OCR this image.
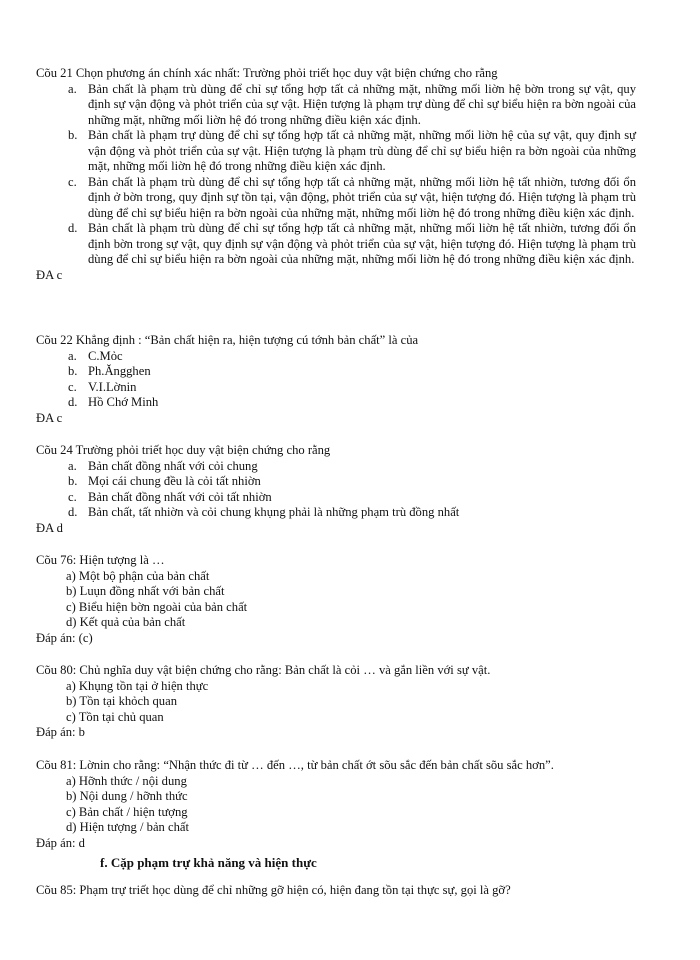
Cõu 21 Chọn phương án chính xác nhất: Trường phỏi triết học duy vật biện chứng cho rằng
a. Bản chất là phạm trù dùng để chỉ sự tổng hợp tất cả những mặt, những mối liờn hệ bờn trong sự vật, quy định sự vận động và phỏt triển của sự vật. Hiện tượng là phạm trự dùng để chỉ sự biểu hiện ra bờn ngoài của những mặt, những mối liờn hệ đó trong những điều kiện xác định.
b. Bản chất là phạm trự dùng để chỉ sự tổng hợp tất cả những mặt, những mối liờn hệ của sự vật, quy định sự vận động và phỏt triển của sự vật. Hiện tượng là phạm trù dùng để chỉ sự biểu hiện ra bờn ngoài của những mặt, những mối liờn hệ đó trong những điều kiện xác định.
c. Bản chất là phạm trù dùng để chỉ sự tổng hợp tất cả những mặt, những mối liờn hệ tất nhiờn, tương đối ổn định ở bờn trong, quy định sự tồn tại, vận động, phỏt triển của sự vật, hiện tượng đó. Hiện tượng là phạm trù dùng để chỉ sự biểu hiện ra bờn ngoài của những mặt, những mối liờn hệ đó trong những điều kiện xác định.
d. Bản chất là phạm trù dùng để chỉ sự tổng hợp tất cả những mặt, những mối liờn hệ tất nhiờn, tương đối ổn định bờn trong sự vật, quy định sự vận động và phỏt triển của sự vật, hiện tượng đó. Hiện tượng là phạm trù dùng để chỉ sự biểu hiện ra bờn ngoài của những mặt, những mối liờn hệ đó trong những điều kiện xác định.
ĐA c
Cõu 22 Khẳng định : “Bản chất hiện ra, hiện tượng cú tớnh bản chất” là của
a. C.Mỏc
b. Ph.Ăngghen
c. V.I.Lờnin
d. Hồ Chớ Minh
ĐA c
Cõu 24 Trường phỏi triết học duy vật biện chứng cho rằng
a. Bản chất đồng nhất với cỏi chung
b. Mọi cái chung đều là cỏi tất nhiờn
c. Bản chất đồng nhất với cỏi tất nhiờn
d. Bản chất, tất nhiờn và cỏi chung khụng phải là những phạm trù đồng nhất
ĐA d
Cõu 76: Hiện tượng là …
a) Một bộ phận của bản chất
b) Luụn đồng nhất với bản chất
c) Biểu hiện bờn ngoài của bản chất
d) Kết quả của bản chất
Đáp án: (c)
Cõu 80: Chủ nghĩa duy vật biện chứng cho rằng: Bản chất là cỏi … và gắn liền với sự vật.
a) Khụng tồn tại ở hiện thực
b) Tồn tại khỏch quan
c) Tồn tại chủ quan
Đáp án: b
Cõu 81: Lờnin cho rằng: “Nhận thức đi từ … đến …, từ bản chất ớt sõu sắc đến bản chất sõu sắc hơn”.
a) Hỡnh thức / nội dung
b) Nội dung / hỡnh thức
c) Bản chất / hiện tượng
d) Hiện tượng / bản chất
Đáp án: d
f. Cặp phạm trự khả năng và hiện thực
Cõu 85: Phạm trự triết học dùng để chỉ những gỡ hiện có, hiện đang tồn tại thực sự, gọi là gỡ?
